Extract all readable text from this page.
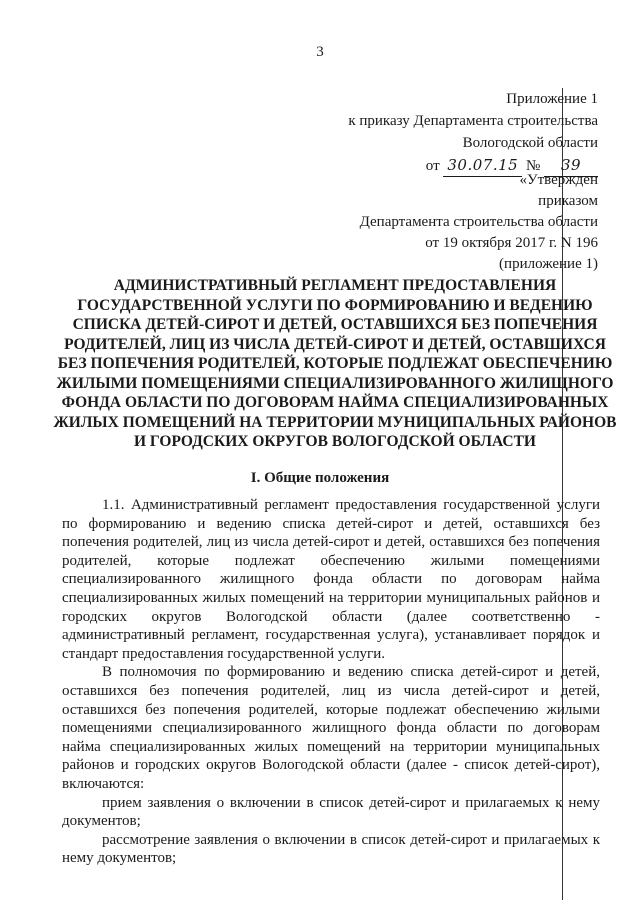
3
Приложение 1
к приказу Департамента строительства
Вологодской области
от 30.07.15 № 39
«Утвержден
приказом
Департамента строительства области
от 19 октября 2017 г. N 196
(приложение 1)
АДМИНИСТРАТИВНЫЙ РЕГЛАМЕНТ ПРЕДОСТАВЛЕНИЯ ГОСУДАРСТВЕННОЙ УСЛУГИ ПО ФОРМИРОВАНИЮ И ВЕДЕНИЮ СПИСКА ДЕТЕЙ-СИРОТ И ДЕТЕЙ, ОСТАВШИХСЯ БЕЗ ПОПЕЧЕНИЯ РОДИТЕЛЕЙ, ЛИЦ ИЗ ЧИСЛА ДЕТЕЙ-СИРОТ И ДЕТЕЙ, ОСТАВШИХСЯ БЕЗ ПОПЕЧЕНИЯ РОДИТЕЛЕЙ, КОТОРЫЕ ПОДЛЕЖАТ ОБЕСПЕЧЕНИЮ ЖИЛЫМИ ПОМЕЩЕНИЯМИ СПЕЦИАЛИЗИРОВАННОГО ЖИЛИЩНОГО ФОНДА ОБЛАСТИ ПО ДОГОВОРАМ НАЙМА СПЕЦИАЛИЗИРОВАННЫХ ЖИЛЫХ ПОМЕЩЕНИЙ НА ТЕРРИТОРИИ МУНИЦИПАЛЬНЫХ РАЙОНОВ И ГОРОДСКИХ ОКРУГОВ ВОЛОГОДСКОЙ ОБЛАСТИ
I. Общие положения

1.1. Административный регламент предоставления государственной услуги по формированию и ведению списка детей-сирот и детей, оставшихся без попечения родителей, лиц из числа детей-сирот и детей, оставшихся без попечения родителей, которые подлежат обеспечению жилыми помещениями специализированного жилищного фонда области по договорам найма специализированных жилых помещений на территории муниципальных районов и городских округов Вологодской области (далее соответственно - административный регламент, государственная услуга), устанавливает порядок и стандарт предоставления государственной услуги.

В полномочия по формированию и ведению списка детей-сирот и детей, оставшихся без попечения родителей, лиц из числа детей-сирот и детей, оставшихся без попечения родителей, которые подлежат обеспечению жилыми помещениями специализированного жилищного фонда области по договорам найма специализированных жилых помещений на территории муниципальных районов и городских округов Вологодской области (далее - список детей-сирот), включаются:

прием заявления о включении в список детей-сирот и прилагаемых к нему документов;

рассмотрение заявления о включении в список детей-сирот и прилагаемых к нему документов;
